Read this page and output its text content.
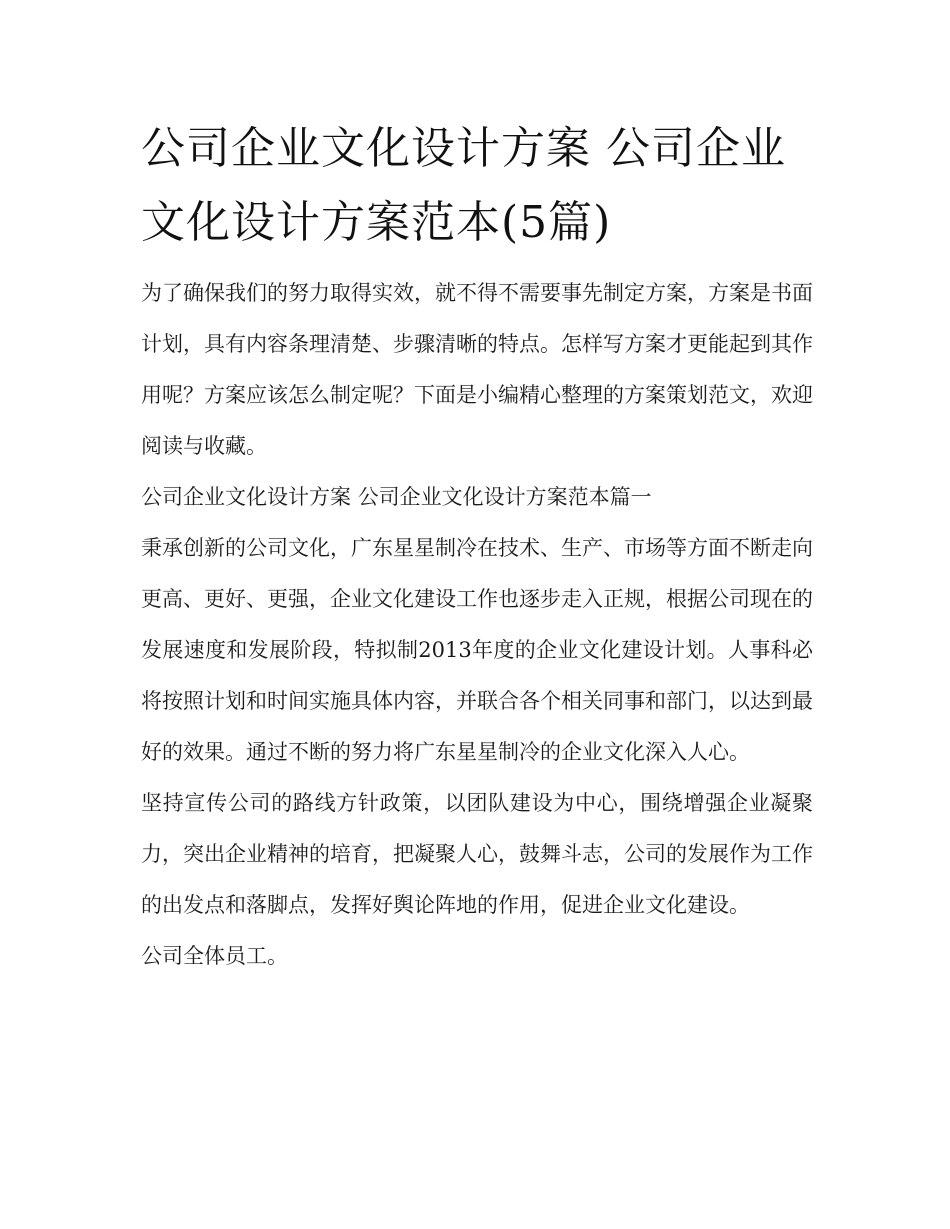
公司企业文化设计方案 公司企业文化设计方案范本(5篇)

为了确保我们的努力取得实效，就不得不需要事先制定方案，方案是书面计划，具有内容条理清楚、步骤清晰的特点。怎样写方案才更能起到其作用呢？方案应该怎么制定呢？下面是小编精心整理的方案策划范文，欢迎阅读与收藏。

公司企业文化设计方案 公司企业文化设计方案范本篇一

秉承创新的公司文化，广东星星制冷在技术、生产、市场等方面不断走向更高、更好、更强，企业文化建设工作也逐步走入正规，根据公司现在的发展速度和发展阶段，特拟制2013年度的企业文化建设计划。人事科必将按照计划和时间实施具体内容，并联合各个相关同事和部门，以达到最好的效果。通过不断的努力将广东星星制冷的企业文化深入人心。

坚持宣传公司的路线方针政策，以团队建设为中心，围绕增强企业凝聚力，突出企业精神的培育，把凝聚人心，鼓舞斗志，公司的发展作为工作的出发点和落脚点，发挥好舆论阵地的作用，促进企业文化建设。

公司全体员工。
